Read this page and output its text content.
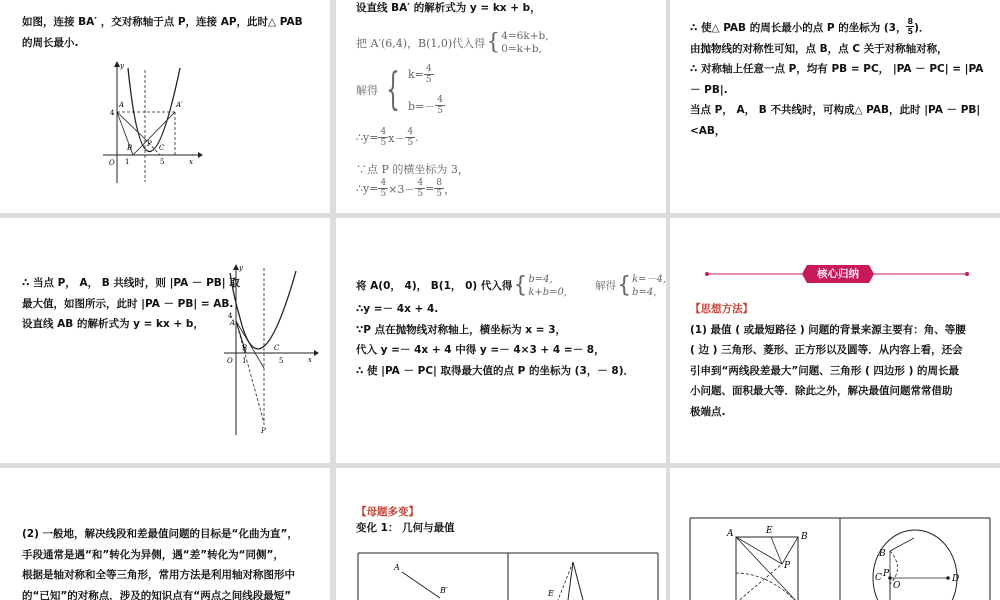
如图，连接 BA′ ，交对称轴于点 P，连接 AP，此时△ PAB

的周长最小.

y
x
O
A	A′
B	C
P
4
1	5

设直线 BA′ 的解析式为 y = kx + b，

把 A′(6,4)，B(1,0)代入得 { 4=6k+b,
0=k+b,
解得 { $k= \frac{4}{5}$
$b=- \frac{4}{5}$
∴y= $\frac{4}{5} x- \frac{4}{5}$ .
∵点 P 的横坐标为 3，
∴y= $\frac{4}{5} \times 3- \frac{4}{5} = \frac{8}{5}$ ，

∴ 使△ PAB 的周长最小的点 P 的坐标为 (3， $\frac{8}{5}$ )．

由抛物线的对称性可知，点 B，点 C 关于对称轴对称，

∴ 对称轴上任意一点 P，均有 PB = PC， |PA － PC| = |PA

－ PB|.

当点 P， A， B 不共线时，可构成△ PAB，此时 |PA － PB|

<AB，

∴ 当点 P， A， B 共线时，则 |PA － PB| 取

最大值，如图所示，此时 |PA － PB| = AB.

设直线 AB 的解析式为 y = kx + b，

y
x
O
A
B	C
P
4
1	5

将 A(0， 4)， B(1， 0) 代入得 { b=4,
k+b=0,
解得 { k=－4,
b=4,

∴y =－ 4x + 4.

∵P 点在抛物线对称轴上，横坐标为 x = 3，

代入 y =－ 4x + 4 中得 y =－ 4×3 + 4 =－ 8，

∴ 使 |PA － PC| 取得最大值的点 P 的坐标为 (3，－ 8)．

核心归纳

【思想方法】

(1) 最值 ( 或最短路径 ) 问题的背景来源主要有：角、等腰

( 边 ) 三角形、菱形、正方形以及圆等．从内容上看，还会

引申到“两线段差最大”问题、三角形 ( 四边形 ) 的周长最

小问题、面积最大等．除此之外，解决最值问题常常借助

极端点.

(2) 一般地，解决线段和差最值问题的目标是“化曲为直”，

手段通常是遇“和”转化为异侧，遇“差”转化为“同侧”，

根据是轴对称和全等三角形，常用方法是利用轴对称图形中

的“已知”的对称点．涉及的知识点有“两点之间线段最短”

【母题多变】

变化 1： 几何与最值

A
B′	E
A	E
B
P
B
C P
O
D
